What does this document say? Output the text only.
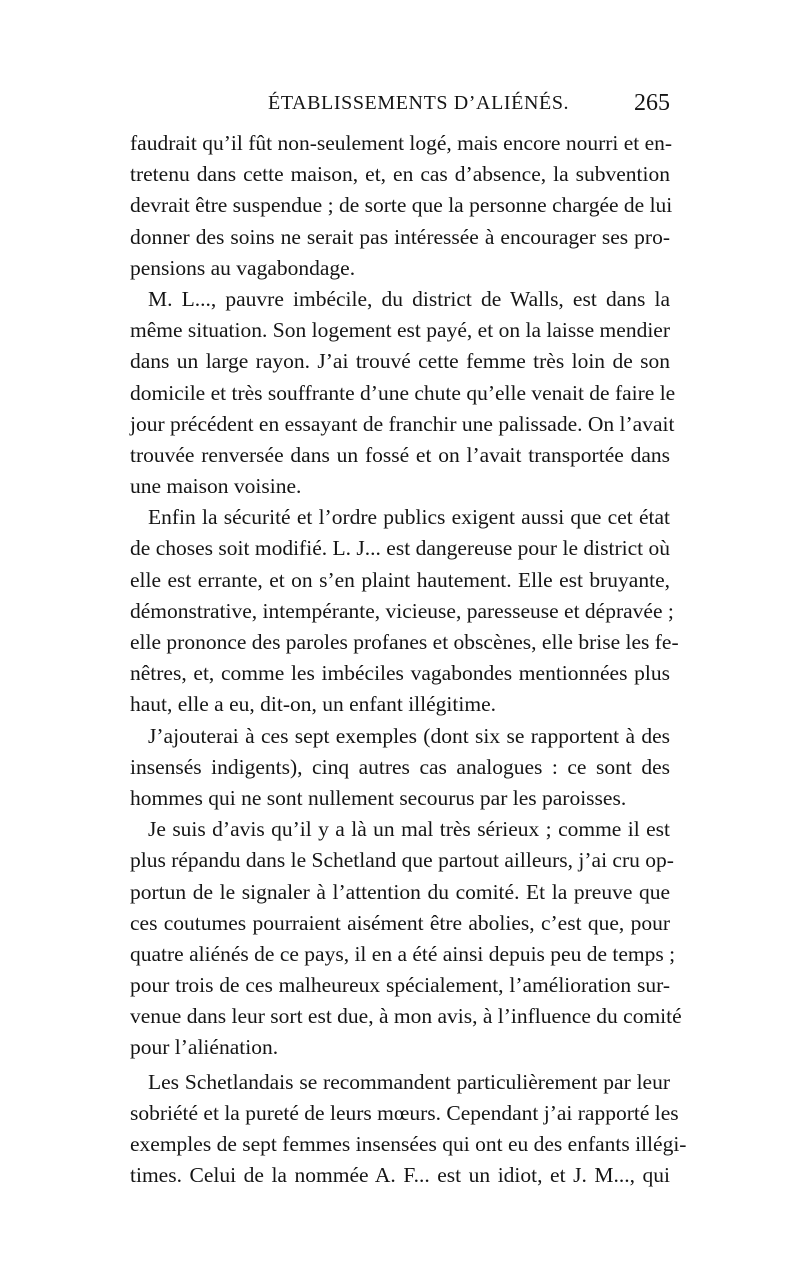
ÉTABLISSEMENTS D’ALIÉNÉS.	265
faudrait qu’il fût non-seulement logé, mais encore nourri et en-
tretenu dans cette maison, et, en cas d’absence, la subvention
devrait être suspendue ; de sorte que la personne chargée de lui
donner des soins ne serait pas intéressée à encourager ses pro-
pensions au vagabondage.
M. L..., pauvre imbécile, du district de Walls, est dans la
même situation. Son logement est payé, et on la laisse mendier
dans un large rayon. J’ai trouvé cette femme très loin de son
domicile et très souffrante d’une chute qu’elle venait de faire le
jour précédent en essayant de franchir une palissade. On l’avait
trouvée renversée dans un fossé et on l’avait transportée dans
une maison voisine.
Enfin la sécurité et l’ordre publics exigent aussi que cet état
de choses soit modifié. L. J... est dangereuse pour le district où
elle est errante, et on s’en plaint hautement. Elle est bruyante,
démonstrative, intempérante, vicieuse, paresseuse et dépravée ;
elle prononce des paroles profanes et obscènes, elle brise les fe-
nêtres, et, comme les imbéciles vagabondes mentionnées plus
haut, elle a eu, dit-on, un enfant illégitime.
J’ajouterai à ces sept exemples (dont six se rapportent à des
insensés indigents), cinq autres cas analogues : ce sont des
hommes qui ne sont nullement secourus par les paroisses.
Je suis d’avis qu’il y a là un mal très sérieux ; comme il est
plus répandu dans le Schetland que partout ailleurs, j’ai cru op-
portun de le signaler à l’attention du comité. Et la preuve que
ces coutumes pourraient aisément être abolies, c’est que, pour
quatre aliénés de ce pays, il en a été ainsi depuis peu de temps ;
pour trois de ces malheureux spécialement, l’amélioration sur-
venue dans leur sort est due, à mon avis, à l’influence du comité
pour l’aliénation.
Les Schetlandais se recommandent particulièrement par leur
sobriété et la pureté de leurs mœurs. Cependant j’ai rapporté les
exemples de sept femmes insensées qui ont eu des enfants illégi-
times. Celui de la nommée A. F... est un idiot, et J. M..., qui
